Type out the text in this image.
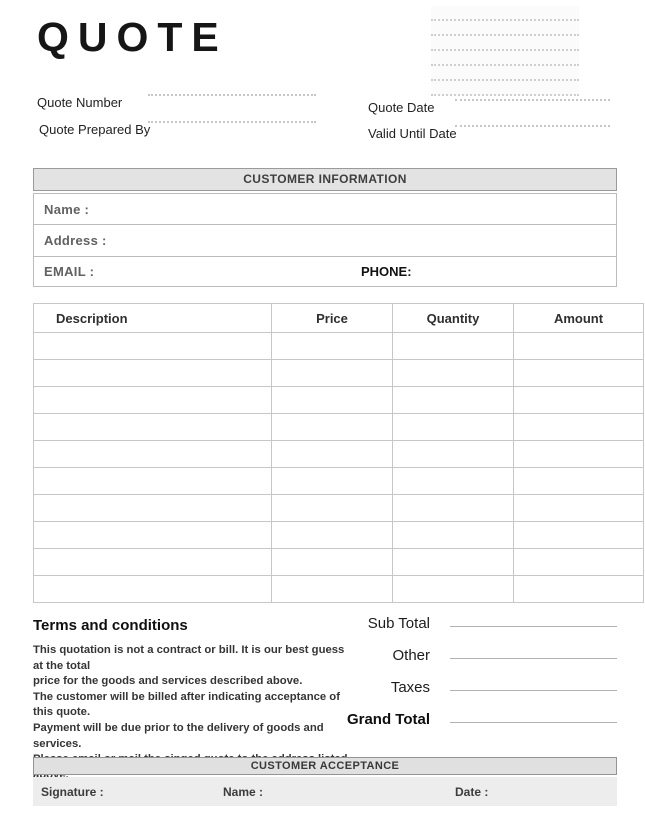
QUOTE
Quote Number
Quote Prepared By
Quote Date
Valid Until Date
CUSTOMER INFORMATION
Name :
Address :
EMAIL :	PHONE:
Description	Price	Quantity	Amount

Terms and conditions
This quotation is not a contract or bill. It is our best guess at the total
price for the goods and services described above.
The customer will be billed after indicating acceptance of this quote.
Payment will be due prior to the delivery of goods and services.
Sub Total
Other
Taxes
Grand Total
CUSTOMER ACCEPTANCE
Signature :	Name :	Date :
